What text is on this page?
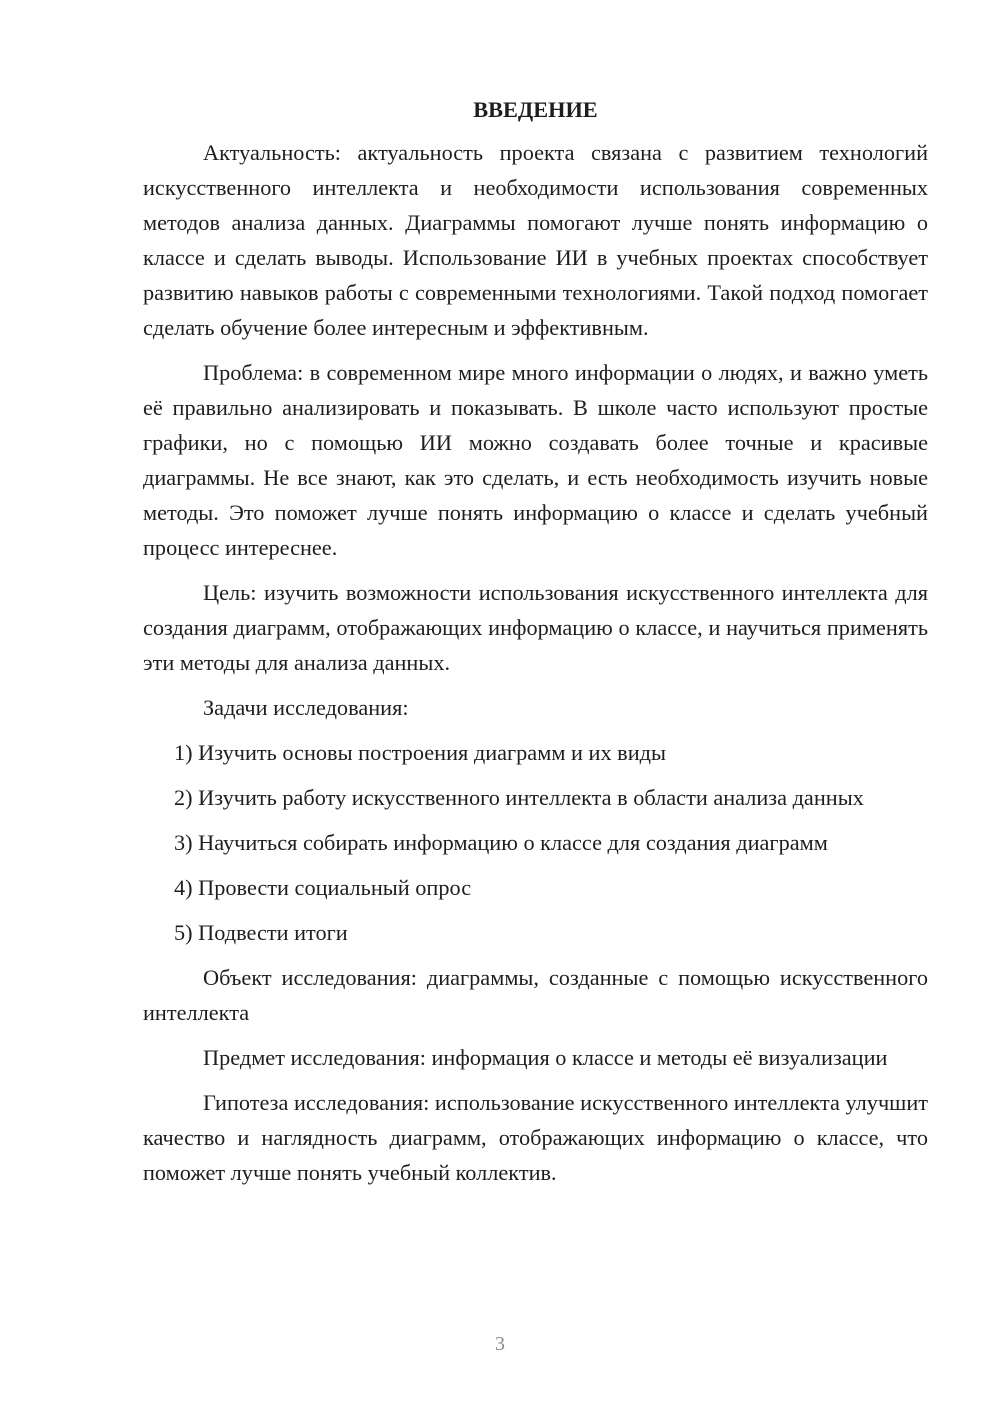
ВВЕДЕНИЕ

Актуальность: актуальность проекта связана с развитием технологий искусственного интеллекта и необходимости использования современных методов анализа данных. Диаграммы помогают лучше понять информацию о классе и сделать выводы. Использование ИИ в учебных проектах способствует развитию навыков работы с современными технологиями. Такой подход помогает сделать обучение более интересным и эффективным.

Проблема: в современном мире много информации о людях, и важно уметь её правильно анализировать и показывать. В школе часто используют простые графики, но с помощью ИИ можно создавать более точные и красивые диаграммы. Не все знают, как это сделать, и есть необходимость изучить новые методы. Это поможет лучше понять информацию о классе и сделать учебный процесс интереснее.

Цель: изучить возможности использования искусственного интеллекта для создания диаграмм, отображающих информацию о классе, и научиться применять эти методы для анализа данных.

Задачи исследования:

1) Изучить основы построения диаграмм и их виды

2) Изучить работу искусственного интеллекта в области анализа данных

3) Научиться собирать информацию о классе для создания диаграмм

4) Провести социальный опрос

5) Подвести итоги

Объект исследования: диаграммы, созданные с помощью искусственного интеллекта

Предмет исследования: информация о классе и методы её визуализации

Гипотеза исследования: использование искусственного интеллекта улучшит качество и наглядность диаграмм, отображающих информацию о классе, что поможет лучше понять учебный коллектив.

3
